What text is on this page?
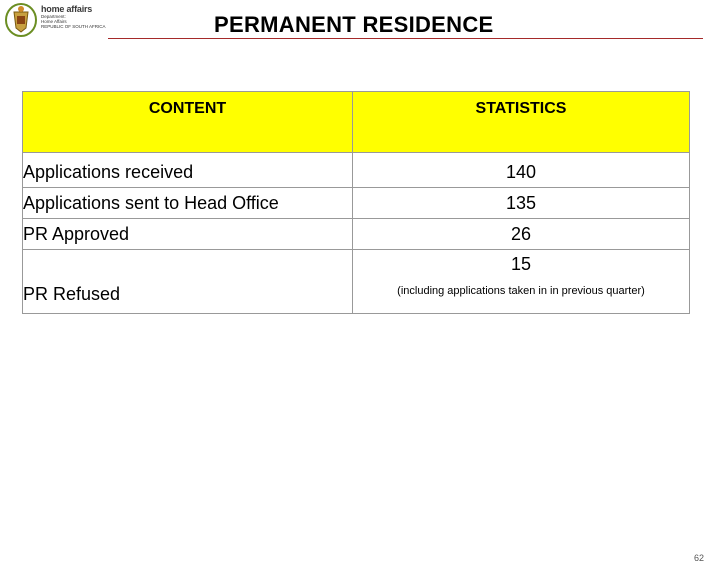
home affairs
Department:
Home Affairs
REPUBLIC OF SOUTH AFRICA	PERMANENT RESIDENCE
CONTENT	STATISTICS
Applications received	140
Applications sent to Head Office	135
PR Approved	26
PR Refused	15
(including applications taken in in previous quarter)
62
